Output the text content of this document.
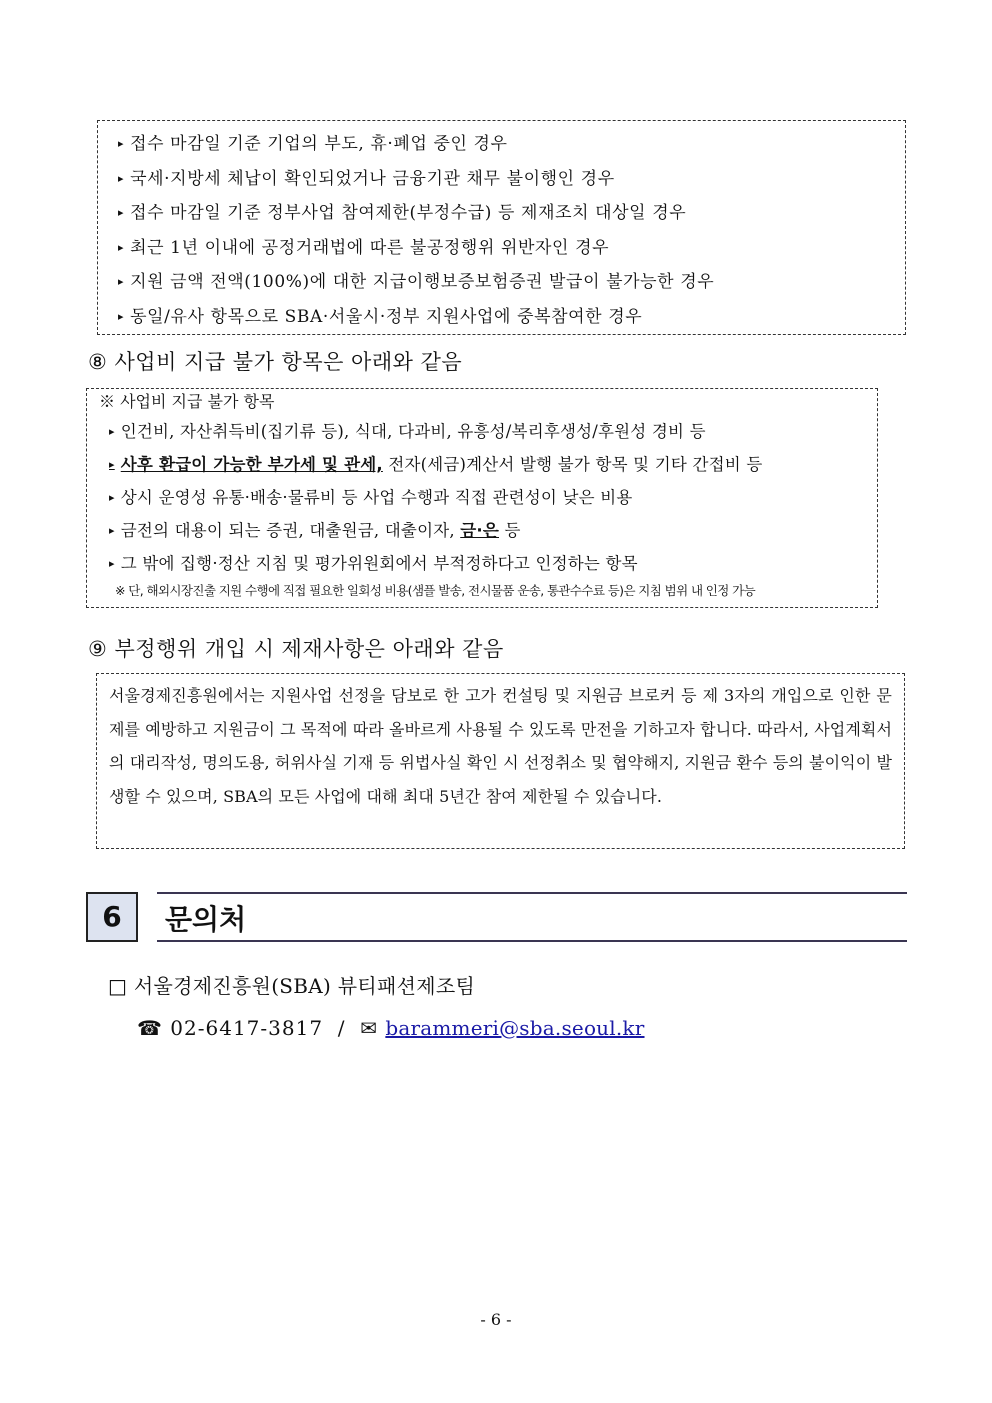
▸ 접수 마감일 기준 기업의 부도, 휴·폐업 중인 경우
▸ 국세·지방세 체납이 확인되었거나 금융기관 채무 불이행인 경우
▸ 접수 마감일 기준 정부사업 참여제한(부정수급) 등 제재조치 대상일 경우
▸ 최근 1년 이내에 공정거래법에 따른 불공정행위 위반자인 경우
▸ 지원 금액 전액(100%)에 대한 지급이행보증보험증권 발급이 불가능한 경우
▸ 동일/유사 항목으로 SBA·서울시·정부 지원사업에 중복참여한 경우
⑧ 사업비 지급 불가 항목은 아래와 같음
※ 사업비 지급 불가 항목
▸ 인건비, 자산취득비(집기류 등), 식대, 다과비, 유흥성/복리후생성/후원성 경비 등
▸ 사후 환급이 가능한 부가세 및 관세, 전자(세금)계산서 발행 불가 항목 및 기타 간접비 등
▸ 상시 운영성 유통·배송·물류비 등 사업 수행과 직접 관련성이 낮은 비용
▸ 금전의 대용이 되는 증권, 대출원금, 대출이자, 금·은 등
▸ 그 밖에 집행·정산 지침 및 평가위원회에서 부적정하다고 인정하는 항목
※ 단, 해외시장진출 지원 수행에 직접 필요한 일회성 비용(샘플 발송, 전시물품 운송, 통관수수료 등)은 지침 범위 내 인정 가능
⑨ 부정행위 개입 시 제재사항은 아래와 같음

서울경제진흥원에서는 지원사업 선정을 담보로 한 고가 컨설팅 및 지원금 브로커 등 제 3자의 개입으로 인한 문제를 예방하고 지원금이 그 목적에 따라 올바르게 사용될 수 있도록 만전을 기하고자 합니다. 따라서, 사업계획서의 대리작성, 명의도용, 허위사실 기재 등 위법사실 확인 시 선정취소 및 협약해지, 지원금 환수 등의 불이익이 발생할 수 있으며, SBA의 모든 사업에 대해 최대 5년간 참여 제한될 수 있습니다.

6	문의처
□ 서울경제진흥원(SBA) 뷰티패션제조팀
☎ 02-6417-3817 / ✉ barammeri@sba.seoul.kr
- 6 -
